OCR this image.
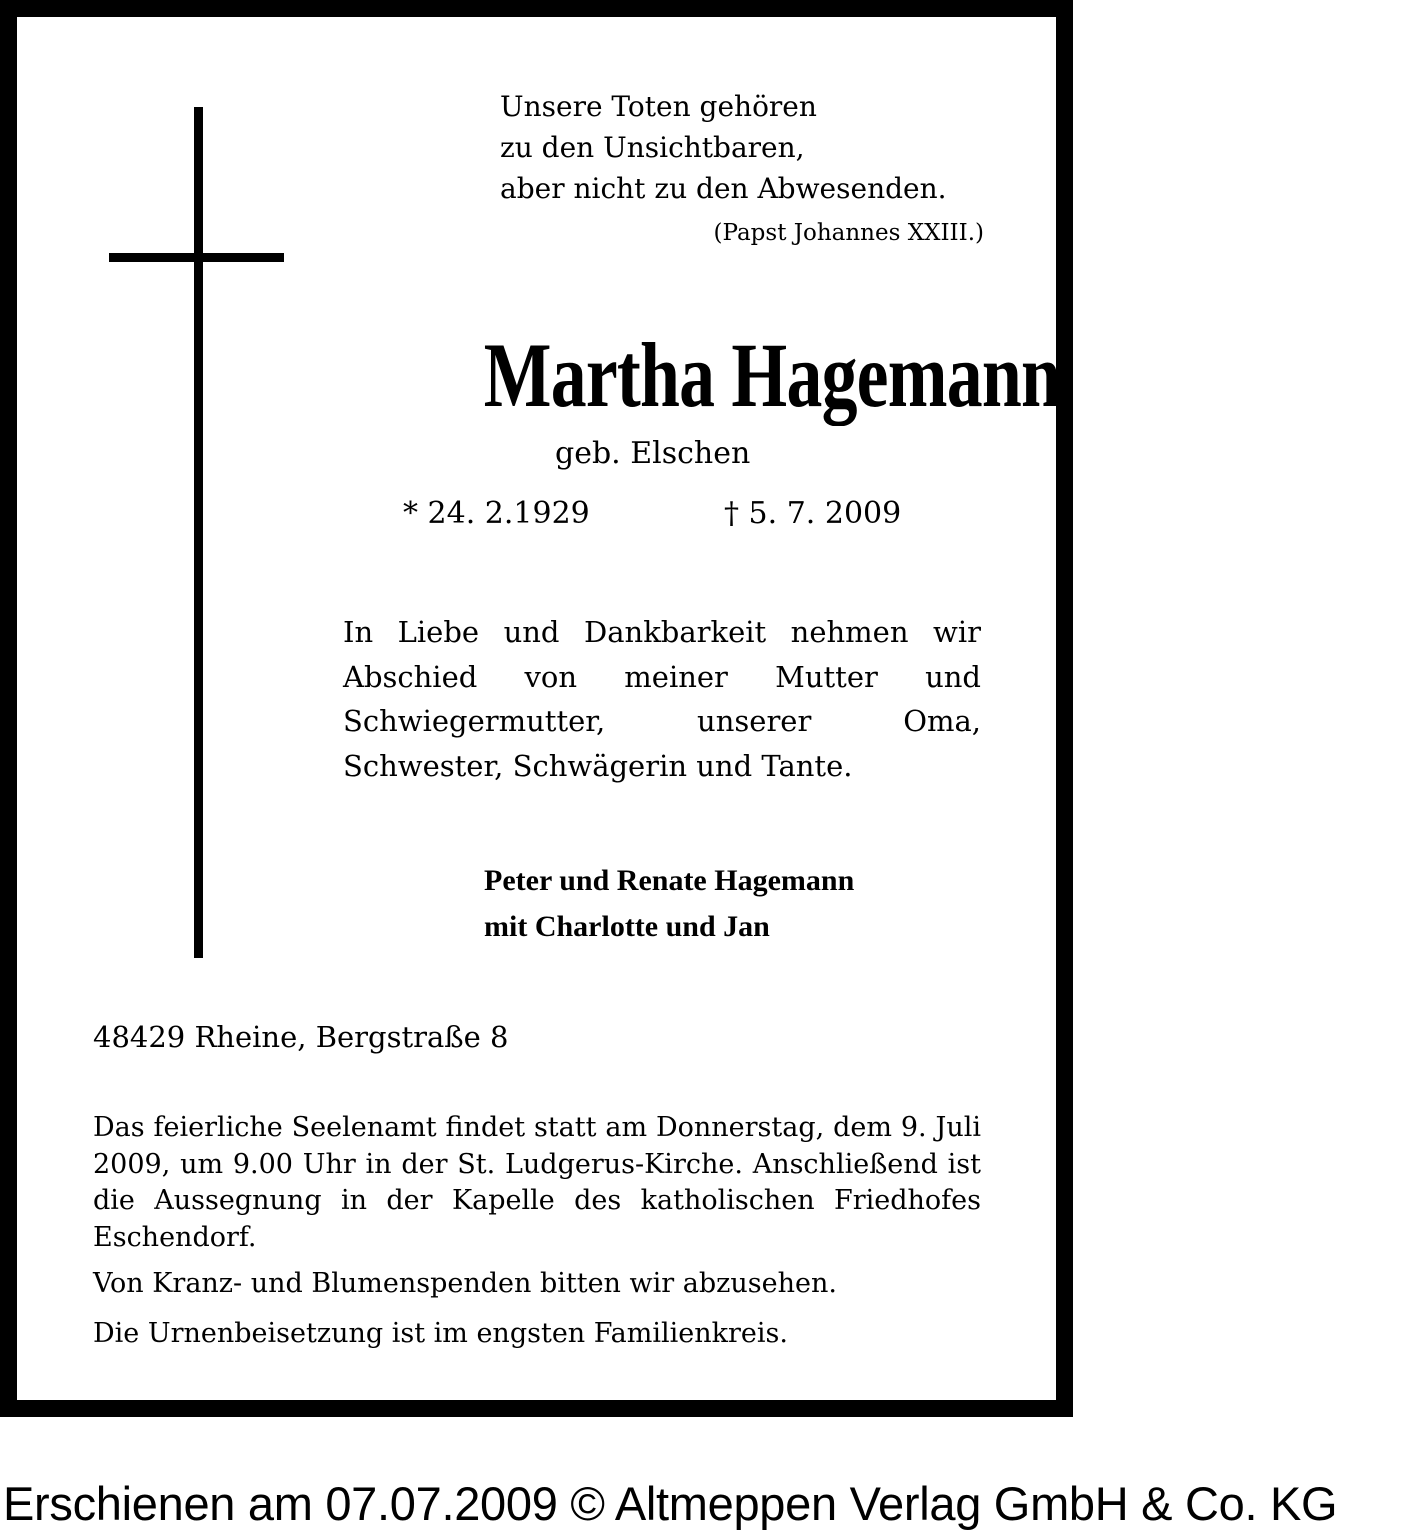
Unsere Toten gehören
zu den Unsichtbaren,
aber nicht zu den Abwesenden.
(Papst Johannes XXIII.)
Martha Hagemann
geb. Elschen
* 24. 2.1929	† 5. 7. 2009
In Liebe und Dankbarkeit nehmen wir Abschied von meiner Mutter und Schwiegermutter, unserer Oma, Schwester, Schwägerin und Tante.
Peter und Renate Hagemann
mit Charlotte und Jan
48429 Rheine, Bergstraße 8
Das feierliche Seelenamt findet statt am Donnerstag, dem 9. Juli 2009, um 9.00 Uhr in der St. Ludgerus-Kirche. Anschließend ist die Aussegnung in der Kapelle des katholischen Friedhofes Eschendorf.
Von Kranz- und Blumenspenden bitten wir abzusehen.
Die Urnenbeisetzung ist im engsten Familienkreis.
Erschienen am 07.07.2009 © Altmeppen Verlag GmbH & Co. KG
